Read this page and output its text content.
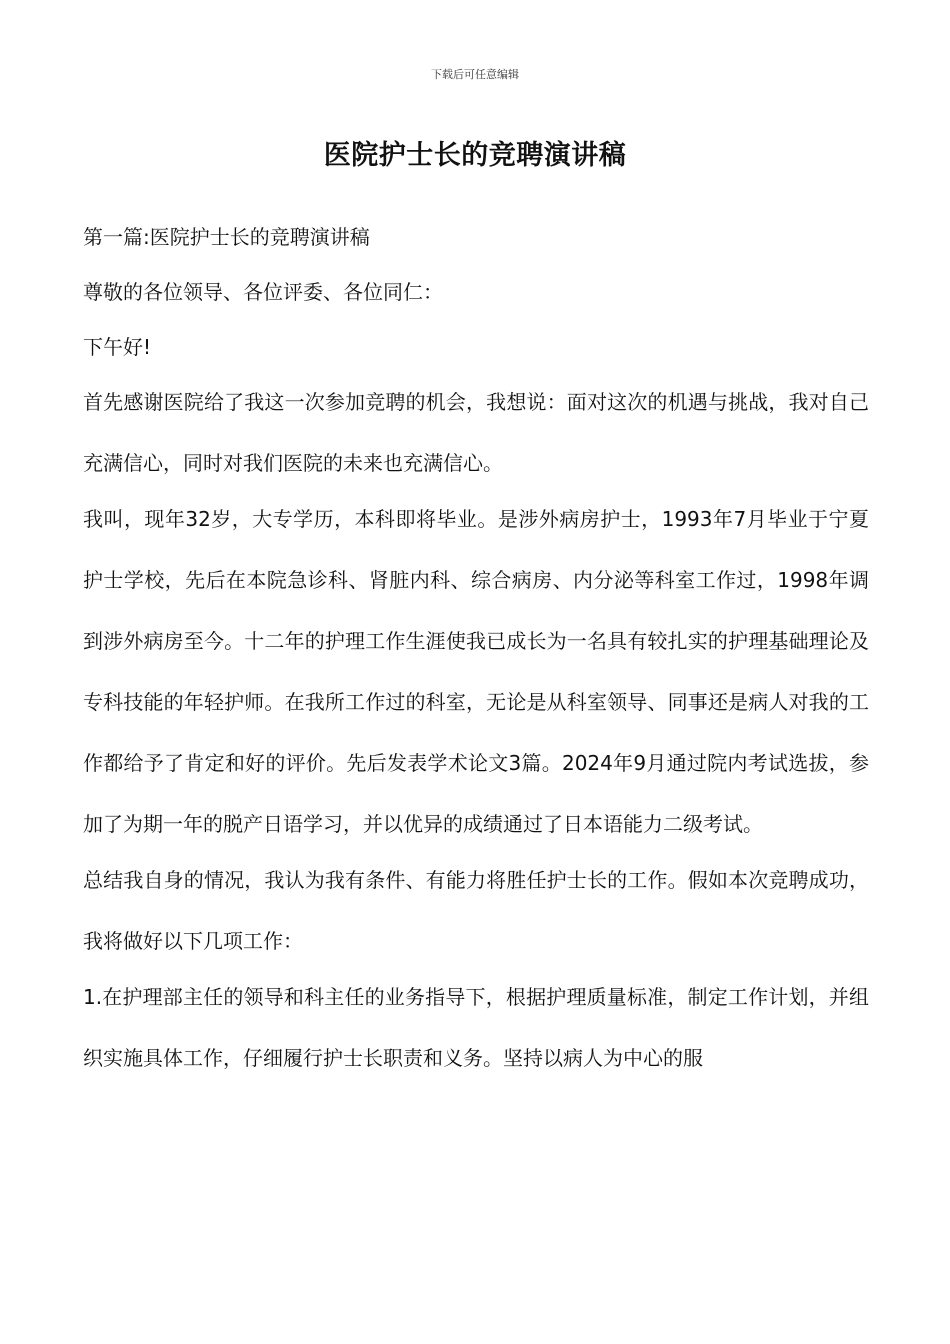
下载后可任意编辑
医院护士长的竞聘演讲稿

第一篇:医院护士长的竞聘演讲稿

尊敬的各位领导、各位评委、各位同仁：

下午好!

首先感谢医院给了我这一次参加竞聘的机会，我想说：面对这次的机遇与挑战，我对自己充满信心，同时对我们医院的未来也充满信心。

我叫，现年32岁，大专学历，本科即将毕业。是涉外病房护士，1993年7月毕业于宁夏护士学校，先后在本院急诊科、肾脏内科、综合病房、内分泌等科室工作过，1998年调到涉外病房至今。十二年的护理工作生涯使我已成长为一名具有较扎实的护理基础理论及专科技能的年轻护师。在我所工作过的科室，无论是从科室领导、同事还是病人对我的工作都给予了肯定和好的评价。先后发表学术论文3篇。2024年9月通过院内考试选拔，参加了为期一年的脱产日语学习，并以优异的成绩通过了日本语能力二级考试。

总结我自身的情况，我认为我有条件、有能力将胜任护士长的工作。假如本次竞聘成功，我将做好以下几项工作：

1.在护理部主任的领导和科主任的业务指导下，根据护理质量标准，制定工作计划，并组织实施具体工作，仔细履行护士长职责和义务。坚持以病人为中心的服
